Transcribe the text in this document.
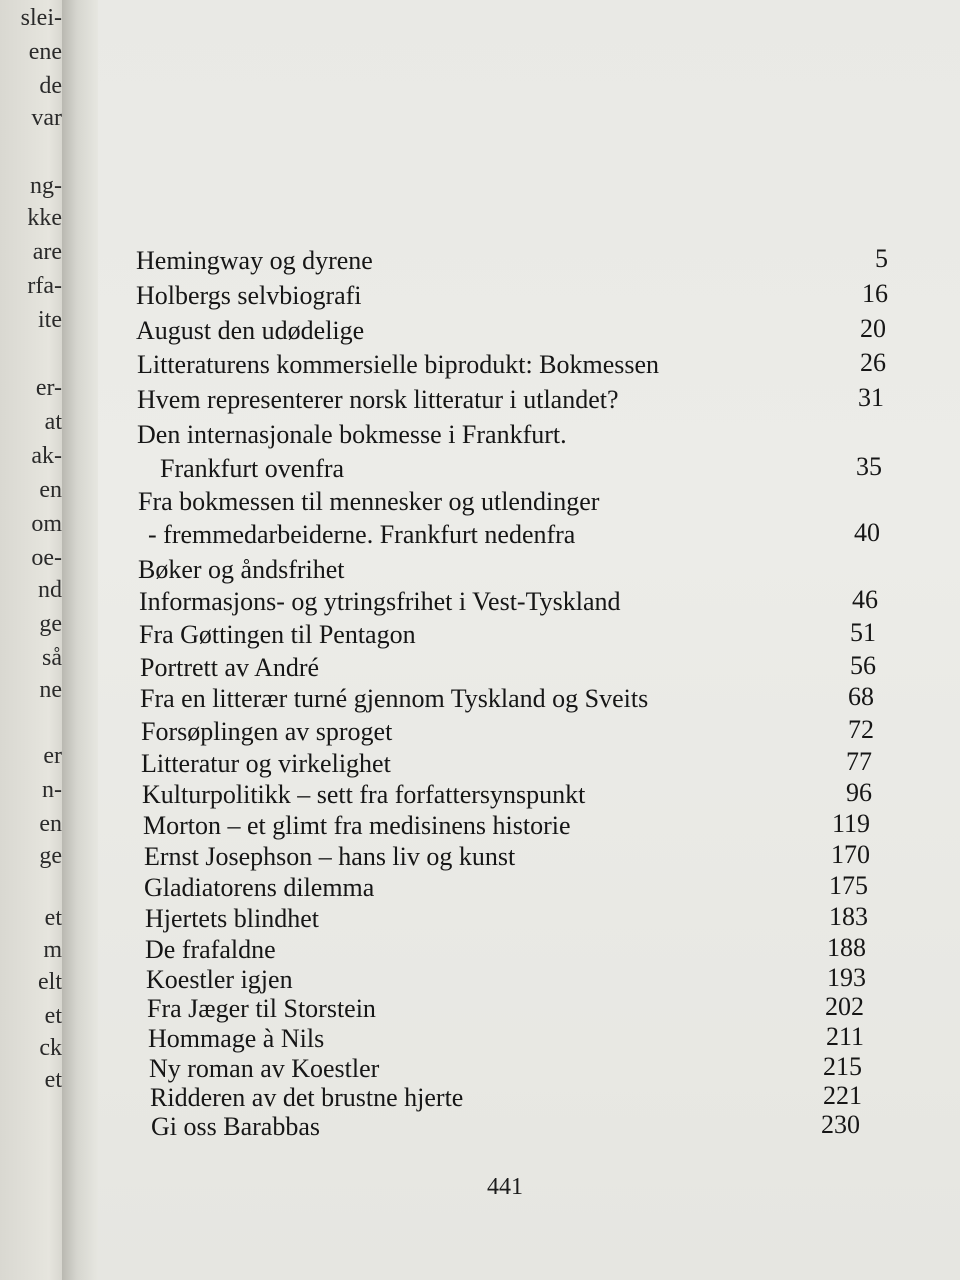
slei-
ene
de
var
ng-
kke
are
rfa-
ite
er-
at
ak-
en
om
oe-
nd
ge
så
ne
er
n-
en
ge
et
m
elt
et
ck
et
Hemingway og dyrene	5
Holbergs selvbiografi	16
August den udødelige	20
Litteraturens kommersielle biprodukt: Bokmessen	26
Hvem representerer norsk litteratur i utlandet?	31
Den internasjonale bokmesse i Frankfurt.
Frankfurt ovenfra	35
Fra bokmessen til mennesker og utlendinger
- fremmedarbeiderne. Frankfurt nedenfra	40
Bøker og åndsfrihet
Informasjons- og ytringsfrihet i Vest-Tyskland	46
Fra Gøttingen til Pentagon	51
Portrett av André	56
Fra en litterær turné gjennom Tyskland og Sveits	68
Forsøplingen av sproget	72
Litteratur og virkelighet	77
Kulturpolitikk – sett fra forfattersynspunkt	96
Morton – et glimt fra medisinens historie	119
Ernst Josephson – hans liv og kunst	170
Gladiatorens dilemma	175
Hjertets blindhet	183
De frafaldne	188
Koestler igjen	193
Fra Jæger til Storstein	202
Hommage à Nils	211
Ny roman av Koestler	215
Ridderen av det brustne hjerte	221
Gi oss Barabbas	230
441
